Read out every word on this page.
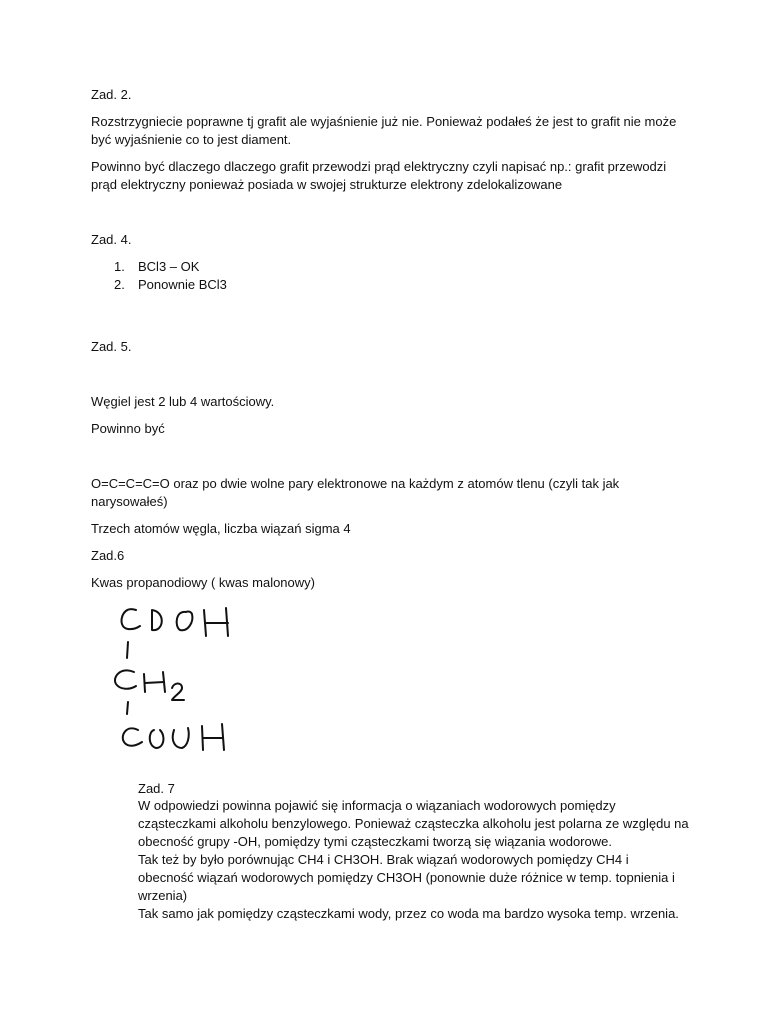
Zad. 2.

Rozstrzygniecie poprawne tj grafit ale wyjaśnienie już nie. Ponieważ podałeś że jest to grafit nie może

być wyjaśnienie co to jest diament.

Powinno być dlaczego dlaczego grafit przewodzi prąd elektryczny czyli napisać np.: grafit przewodzi

prąd elektryczny ponieważ posiada w swojej strukturze elektrony zdelokalizowane

Zad. 4.

1. BCl3 – OK
2. Ponownie BCl3

Zad. 5.

Węgiel jest 2 lub 4 wartościowy.

Powinno być

O=C=C=C=O oraz po dwie wolne pary elektronowe na każdym z atomów tlenu (czyli tak jak

narysowałeś)

Trzech atomów węgla, liczba wiązań sigma 4

Zad.6

Kwas propanodiowy ( kwas malonowy)

Zad. 7

W odpowiedzi powinna pojawić się informacja o wiązaniach wodorowych pomiędzy

cząsteczkami alkoholu benzylowego. Ponieważ cząsteczka alkoholu jest polarna ze względu na

obecność grupy -OH, pomiędzy tymi cząsteczkami tworzą się wiązania wodorowe.

Tak też by było porównując CH4 i CH3OH. Brak wiązań wodorowych pomiędzy CH4 i

obecność wiązań wodorowych pomiędzy CH3OH (ponownie duże różnice w temp. topnienia i

wrzenia)

Tak samo jak pomiędzy cząsteczkami wody, przez co woda ma bardzo wysoka temp. wrzenia.
